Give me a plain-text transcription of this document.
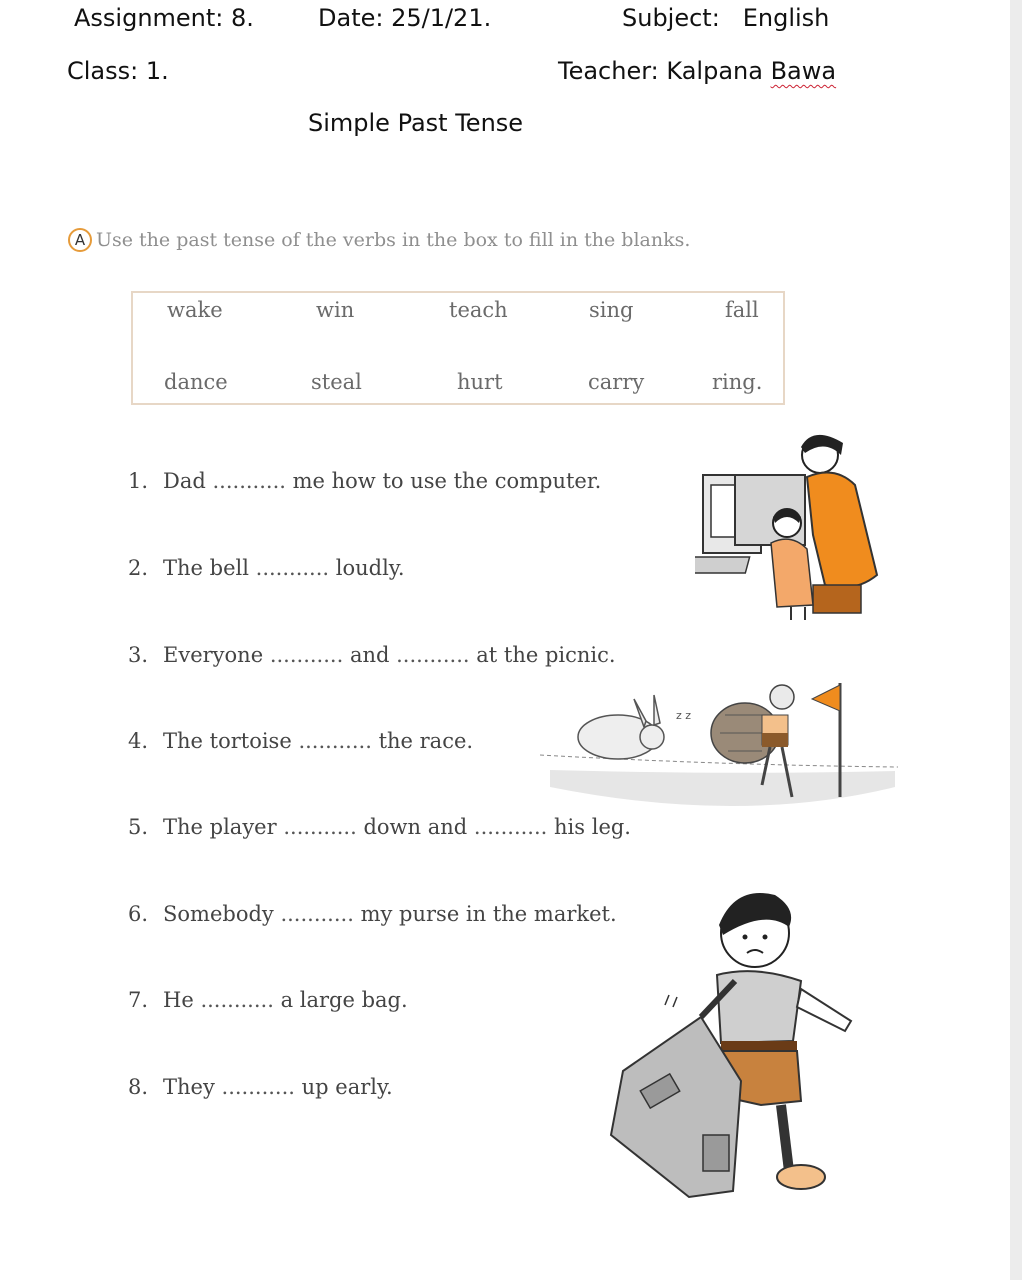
Assignment: 8.	Date: 25/1/21.	Subject: English
Class: 1.	Teacher: Kalpana Bawa
Simple Past Tense
A Use the past tense of the verbs in the box to fill in the blanks.
wake	win	teach	sing	fall
dance	steal	hurt	carry	ring.
1. Dad ........... me how to use the computer.
2. The bell ........... loudly.
3. Everyone ........... and ........... at the picnic.
4. The tortoise ........... the race.
5. The player ........... down and ........... his leg.
6. Somebody ........... my purse in the market.
7. He ........... a large bag.
8. They ........... up early.
z z
